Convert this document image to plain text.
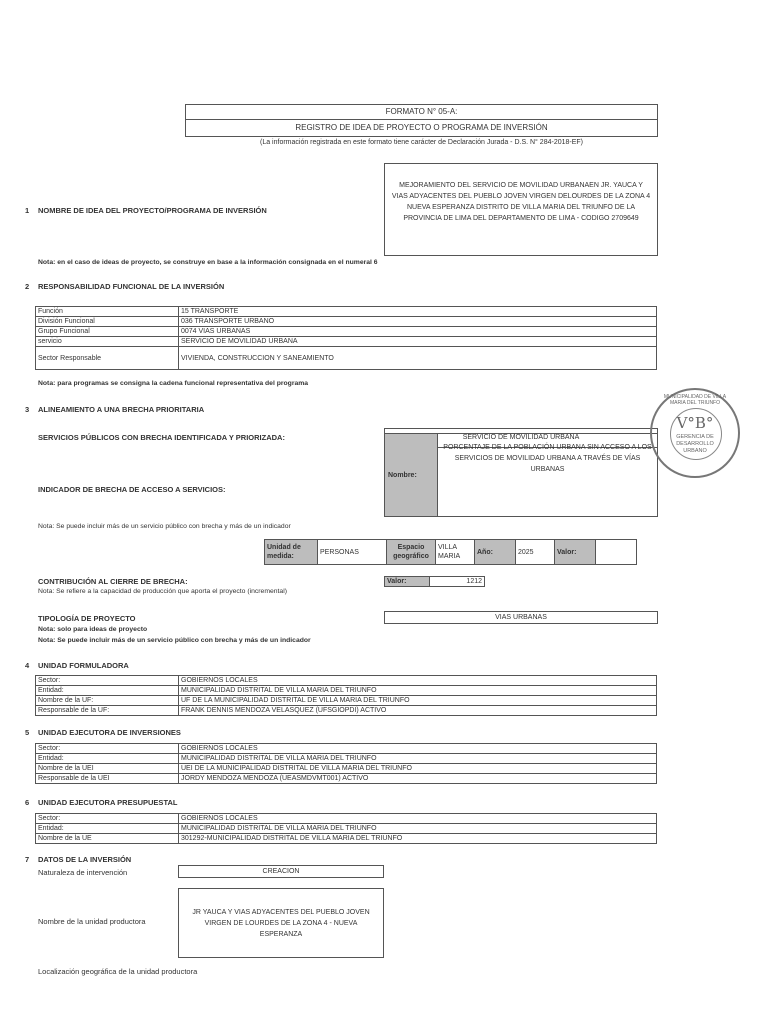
FORMATO N° 05-A:
REGISTRO DE IDEA DE PROYECTO O PROGRAMA DE INVERSIÓN
(La información registrada en este formato tiene carácter de Declaración Jurada - D.S. N° 284-2018-EF)
1 NOMBRE DE IDEA DEL PROYECTO/PROGRAMA DE INVERSIÓN
MEJORAMIENTO DEL SERVICIO DE MOVILIDAD URBANAEN JR. YAUCA Y VIAS ADYACENTES DEL PUEBLO JOVEN VIRGEN DELOURDES DE LA ZONA 4 NUEVA ESPERANZA DISTRITO DE VILLA MARIA DEL TRIUNFO DE LA PROVINCIA DE LIMA DEL DEPARTAMENTO DE LIMA - CODIGO 2709649
Nota: en el caso de ideas de proyecto, se construye en base a la información consignada en el numeral 6
2 RESPONSABILIDAD FUNCIONAL DE LA INVERSIÓN
Función	15 TRANSPORTE
División Funcional	036 TRANSPORTE URBANO
Grupo Funcional	0074 VIAS URBANAS
servicio	SERVICIO DE MOVILIDAD URBANA
Sector Responsable	VIVIENDA, CONSTRUCCION Y SANEAMIENTO
Nota: para programas se consigna la cadena funcional representativa del programa
3 ALINEAMIENTO A UNA BRECHA PRIORITARIA
SERVICIOS PÚBLICOS CON BRECHA IDENTIFICADA Y PRIORIZADA:	SERVICIO DE MOVILIDAD URBANA
INDICADOR DE BRECHA DE ACCESO A SERVICIOS:
Nombre:
PORCENTAJE DE LA POBLACIÓN URBANA SIN ACCESO A LOS SERVICIOS DE MOVILIDAD URBANA A TRAVÉS DE VÍAS URBANAS
Nota: Se puede incluir más de un servicio público con brecha y más de un indicador
Unidad de medida:	PERSONAS	Espacio geográfico	VILLA MARIA	Año:	2025	Valor:	
CONTRIBUCIÓN AL CIERRE DE BRECHA:
Nota: Se refiere a la capacidad de producción que aporta el proyecto (incremental)
Valor:	1212
TIPOLOGÍA DE PROYECTO	VIAS URBANAS
Nota: solo para ideas de proyecto
Nota: Se puede incluir más de un servicio público con brecha y más de un indicador
MUNICIPALIDAD DE VILLA MARIA DEL TRIUNFO
V°B°
GERENCIA DE DESARROLLO URBANO
4 UNIDAD FORMULADORA
Sector:	GOBIERNOS LOCALES
Entidad:	MUNICIPALIDAD DISTRITAL DE VILLA MARIA DEL TRIUNFO
Nombre de la UF:	UF DE LA MUNICIPALIDAD DISTRITAL DE VILLA MARIA DEL TRIUNFO
Responsable de la UF:	FRANK DENNIS MENDOZA VELASQUEZ (UFSGIOPDI) ACTIVO
5 UNIDAD EJECUTORA DE INVERSIONES
Sector:	GOBIERNOS LOCALES
Entidad:	MUNICIPALIDAD DISTRITAL DE VILLA MARIA DEL TRIUNFO
Nombre de la UEI	UEI DE LA MUNICIPALIDAD DISTRITAL DE VILLA MARIA DEL TRIUNFO
Responsable de la UEI	JORDY MENDOZA MENDOZA (UEASMDVMT001) ACTIVO
6 UNIDAD EJECUTORA PRESUPUESTAL
Sector:	GOBIERNOS LOCALES
Entidad:	MUNICIPALIDAD DISTRITAL DE VILLA MARIA DEL TRIUNFO
Nombre de la UE	301292-MUNICIPALIDAD DISTRITAL DE VILLA MARIA DEL TRIUNFO
7 DATOS DE LA INVERSIÓN
Naturaleza de intervención	CREACION
Nombre de la unidad productora
JR YAUCA Y VIAS ADYACENTES DEL PUEBLO JOVEN VIRGEN DE LOURDES DE LA ZONA 4 - NUEVA ESPERANZA
Localización geográfica de la unidad productora
